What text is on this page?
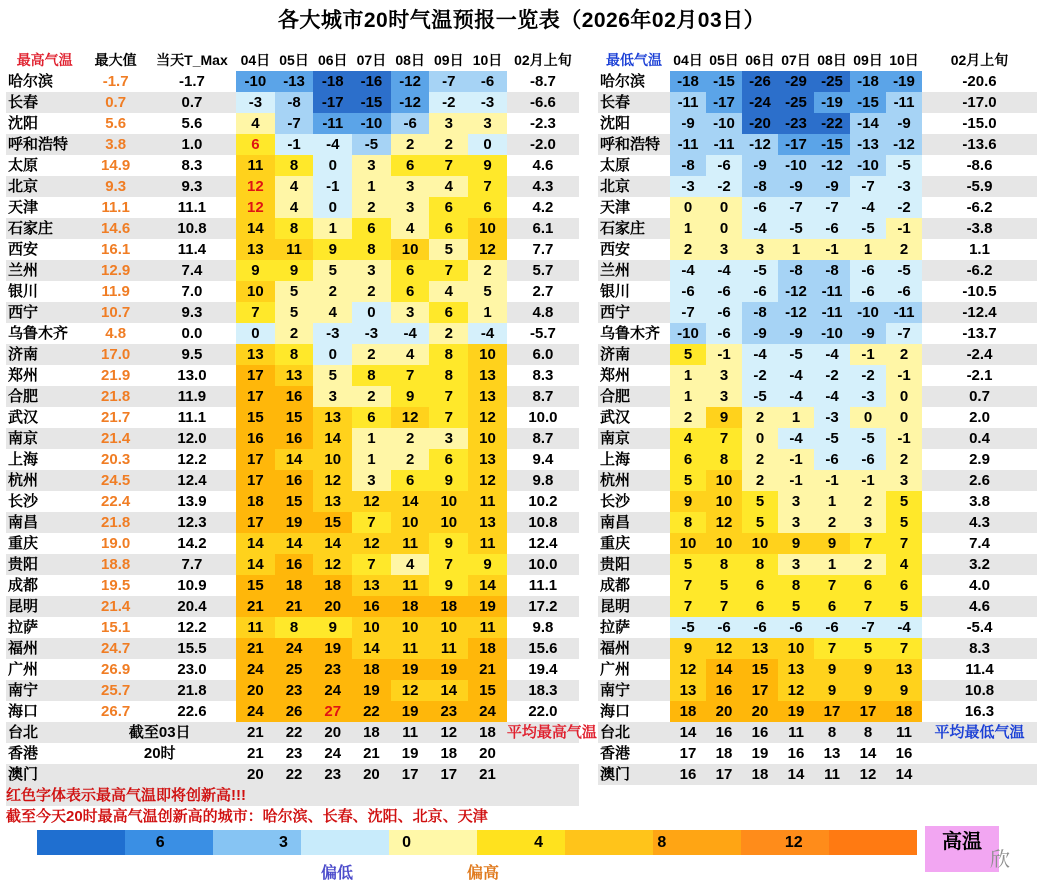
各大城市20时气温预报一览表（2026年02月03日）
最高气温	最大值	当天T_Max	04日	05日	06日	07日	08日	09日	10日	02月上旬
哈尔滨	-1.7	-1.7	-10	-13	-18	-16	-12	-7	-6	-8.7
长春	0.7	0.7	-3	-8	-17	-15	-12	-2	-3	-6.6
沈阳	5.6	5.6	4	-7	-11	-10	-6	3	3	-2.3
呼和浩特	3.8	1.0	6	-1	-4	-5	2	2	0	-2.0
太原	14.9	8.3	11	8	0	3	6	7	9	4.6
北京	9.3	9.3	12	4	-1	1	3	4	7	4.3
天津	11.1	11.1	12	4	0	2	3	6	6	4.2
石家庄	14.6	10.8	14	8	1	6	4	6	10	6.1
西安	16.1	11.4	13	11	9	8	10	5	12	7.7
兰州	12.9	7.4	9	9	5	3	6	7	2	5.7
银川	11.9	7.0	10	5	2	2	6	4	5	2.7
西宁	10.7	9.3	7	5	4	0	3	6	1	4.8
乌鲁木齐	4.8	0.0	0	2	-3	-3	-4	2	-4	-5.7
济南	17.0	9.5	13	8	0	2	4	8	10	6.0
郑州	21.9	13.0	17	13	5	8	7	8	13	8.3
合肥	21.8	11.9	17	16	3	2	9	7	13	8.7
武汉	21.7	11.1	15	15	13	6	12	7	12	10.0
南京	21.4	12.0	16	16	14	1	2	3	10	8.7
上海	20.3	12.2	17	14	10	1	2	6	13	9.4
杭州	24.5	12.4	17	16	12	3	6	9	12	9.8
长沙	22.4	13.9	18	15	13	12	14	10	11	10.2
南昌	21.8	12.3	17	19	15	7	10	10	13	10.8
重庆	19.0	14.2	14	14	14	12	11	9	11	12.4
贵阳	18.8	7.7	14	16	12	7	4	7	9	10.0
成都	19.5	10.9	15	18	18	13	11	9	14	11.1
昆明	21.4	20.4	21	21	20	16	18	18	19	17.2
拉萨	15.1	12.2	11	8	9	10	10	10	11	9.8
福州	24.7	15.5	21	24	19	14	11	11	18	15.6
广州	26.9	23.0	24	25	23	18	19	19	21	19.4
南宁	25.7	21.8	20	23	24	19	12	14	15	18.3
海口	26.7	22.6	24	26	27	22	19	23	24	22.0
台北	截至03日		21	22	20	18	11	12	18	平均最高气温
香港	20时		21	23	24	21	19	18	20	
澳门			20	22	23	20	17	17	21	
红色字体表示最高气温即将创新高!!!										
截至今天20时最高气温创新高的城市：哈尔滨、长春、沈阳、北京、天津										
最低气温	04日	05日	06日	07日	08日	09日	10日	02月上旬
哈尔滨	-18	-15	-26	-29	-25	-18	-19	-20.6
长春	-11	-17	-24	-25	-19	-15	-11	-17.0
沈阳	-9	-10	-20	-23	-22	-14	-9	-15.0
呼和浩特	-11	-11	-12	-17	-15	-13	-12	-13.6
太原	-8	-6	-9	-10	-12	-10	-5	-8.6
北京	-3	-2	-8	-9	-9	-7	-3	-5.9
天津	0	0	-6	-7	-7	-4	-2	-6.2
石家庄	1	0	-4	-5	-6	-5	-1	-3.8
西安	2	3	3	1	-1	1	2	1.1
兰州	-4	-4	-5	-8	-8	-6	-5	-6.2
银川	-6	-6	-6	-12	-11	-6	-6	-10.5
西宁	-7	-6	-8	-12	-11	-10	-11	-12.4
乌鲁木齐	-10	-6	-9	-9	-10	-9	-7	-13.7
济南	5	-1	-4	-5	-4	-1	2	-2.4
郑州	1	3	-2	-4	-2	-2	-1	-2.1
合肥	1	3	-5	-4	-4	-3	0	0.7
武汉	2	9	2	1	-3	0	0	2.0
南京	4	7	0	-4	-5	-5	-1	0.4
上海	6	8	2	-1	-6	-6	2	2.9
杭州	5	10	2	-1	-1	-1	3	2.6
长沙	9	10	5	3	1	2	5	3.8
南昌	8	12	5	3	2	3	5	4.3
重庆	10	10	10	9	9	7	7	7.4
贵阳	5	8	8	3	1	2	4	3.2
成都	7	5	6	8	7	6	6	4.0
昆明	7	7	6	5	6	7	5	4.6
拉萨	-5	-6	-6	-6	-6	-7	-4	-5.4
福州	9	12	13	10	7	5	7	8.3
广州	12	14	15	13	9	9	13	11.4
南宁	13	16	17	12	9	9	9	10.8
海口	18	20	20	19	17	17	18	16.3
台北	14	16	16	11	8	8	11	平均最低气温
香港	17	18	19	16	13	14	16	
澳门	16	17	18	14	11	12	14	
6	3	0	4	8	12
偏低	偏高
高温
欣
